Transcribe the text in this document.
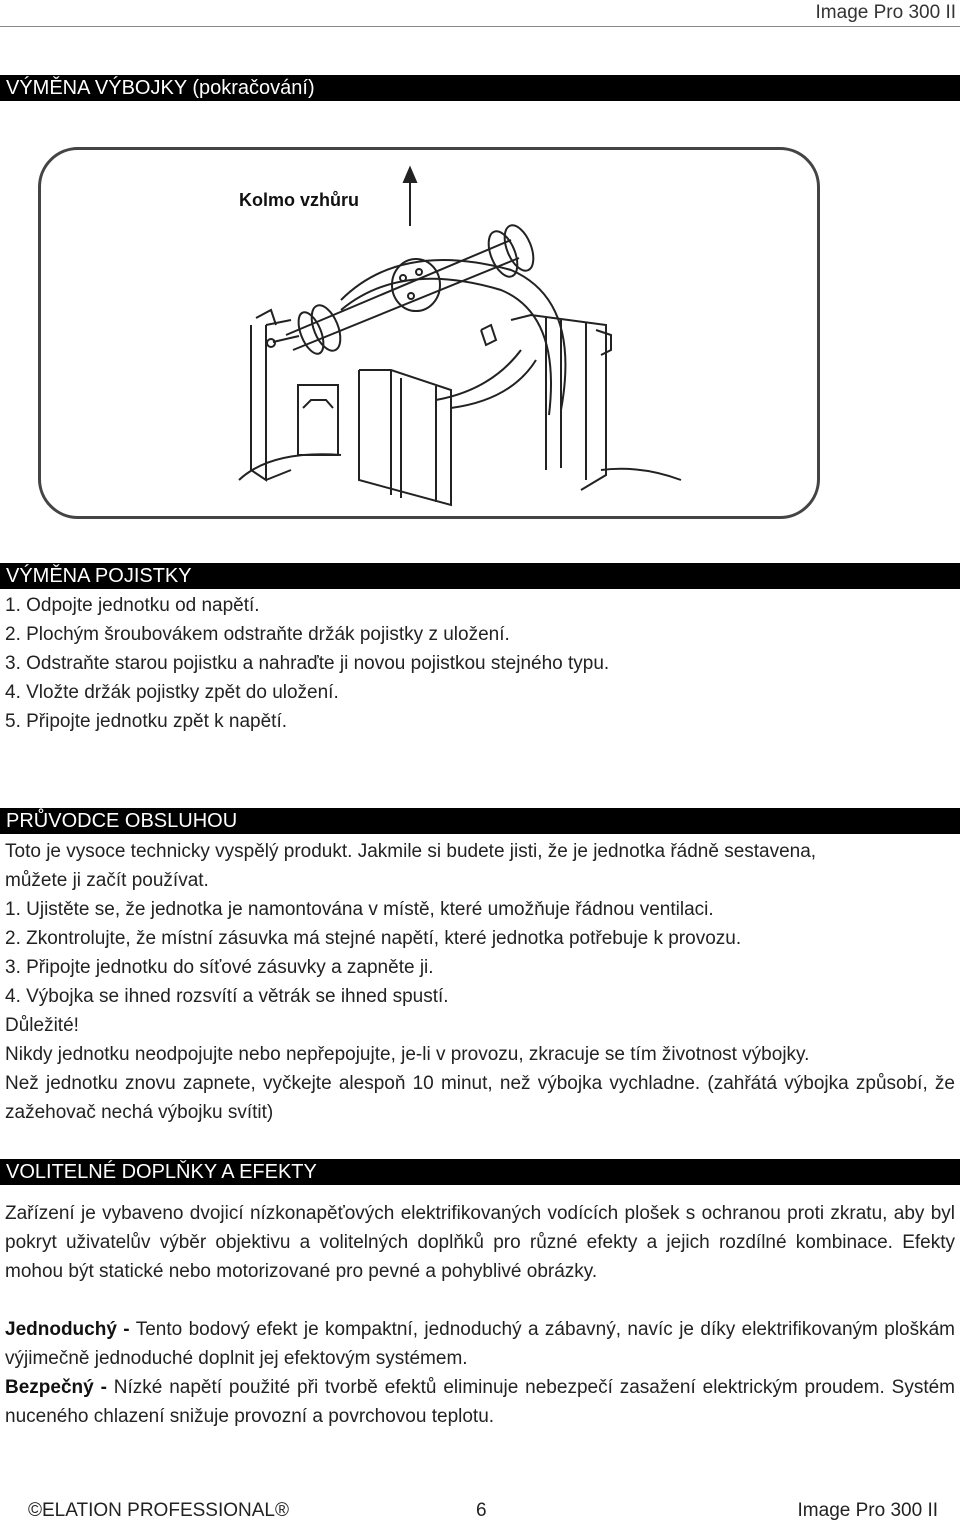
Image Pro 300 II
VÝMĚNA VÝBOJKY (pokračování)
Kolmo vzhůru
VÝMĚNA POJISTKY
1. Odpojte jednotku od napětí.
2. Plochým šroubovákem odstraňte držák pojistky z uložení.
3. Odstraňte starou pojistku a nahraďte ji novou pojistkou stejného typu.
4. Vložte držák pojistky zpět do uložení.
5. Připojte jednotku zpět k napětí.
PRŮVODCE OBSLUHOU
Toto je vysoce technicky vyspělý produkt. Jakmile si budete jisti, že je jednotka řádně sestavena,
můžete ji začít používat.
1. Ujistěte se, že jednotka je namontována v místě, které umožňuje řádnou ventilaci.
2. Zkontrolujte, že místní zásuvka má stejné napětí, které jednotka potřebuje k provozu.
3. Připojte jednotku do síťové zásuvky a zapněte ji.
4. Výbojka se ihned rozsvítí a větrák se ihned spustí.
Důležité!
Nikdy jednotku neodpojujte nebo nepřepojujte, je-li v provozu, zkracuje se tím životnost výbojky.

Než jednotku znovu zapnete, vyčkejte alespoň 10 minut, než výbojka vychladne. (zahřátá výbojka způsobí, že zažehovač nechá výbojku svítit)

VOLITELNÉ DOPLŇKY A EFEKTY

Zařízení je vybaveno dvojicí nízkonapěťových elektrifikovaných vodících plošek s ochranou proti zkratu, aby byl pokryt uživatelův výběr objektivu a volitelných doplňků pro různé efekty a jejich rozdílné kombinace. Efekty mohou být statické nebo motorizované pro pevné a pohyblivé obrázky.

Jednoduchý - Tento bodový efekt je kompaktní, jednoduchý a zábavný, navíc je díky elektrifikovaným ploškám výjimečně jednoduché doplnit jej efektovým systémem.

Bezpečný - Nízké napětí použité při tvorbě efektů eliminuje nebezpečí zasažení elektrickým proudem. Systém nuceného chlazení snižuje provozní a povrchovou teplotu.

©ELATION PROFESSIONAL®	6	Image Pro 300 II
